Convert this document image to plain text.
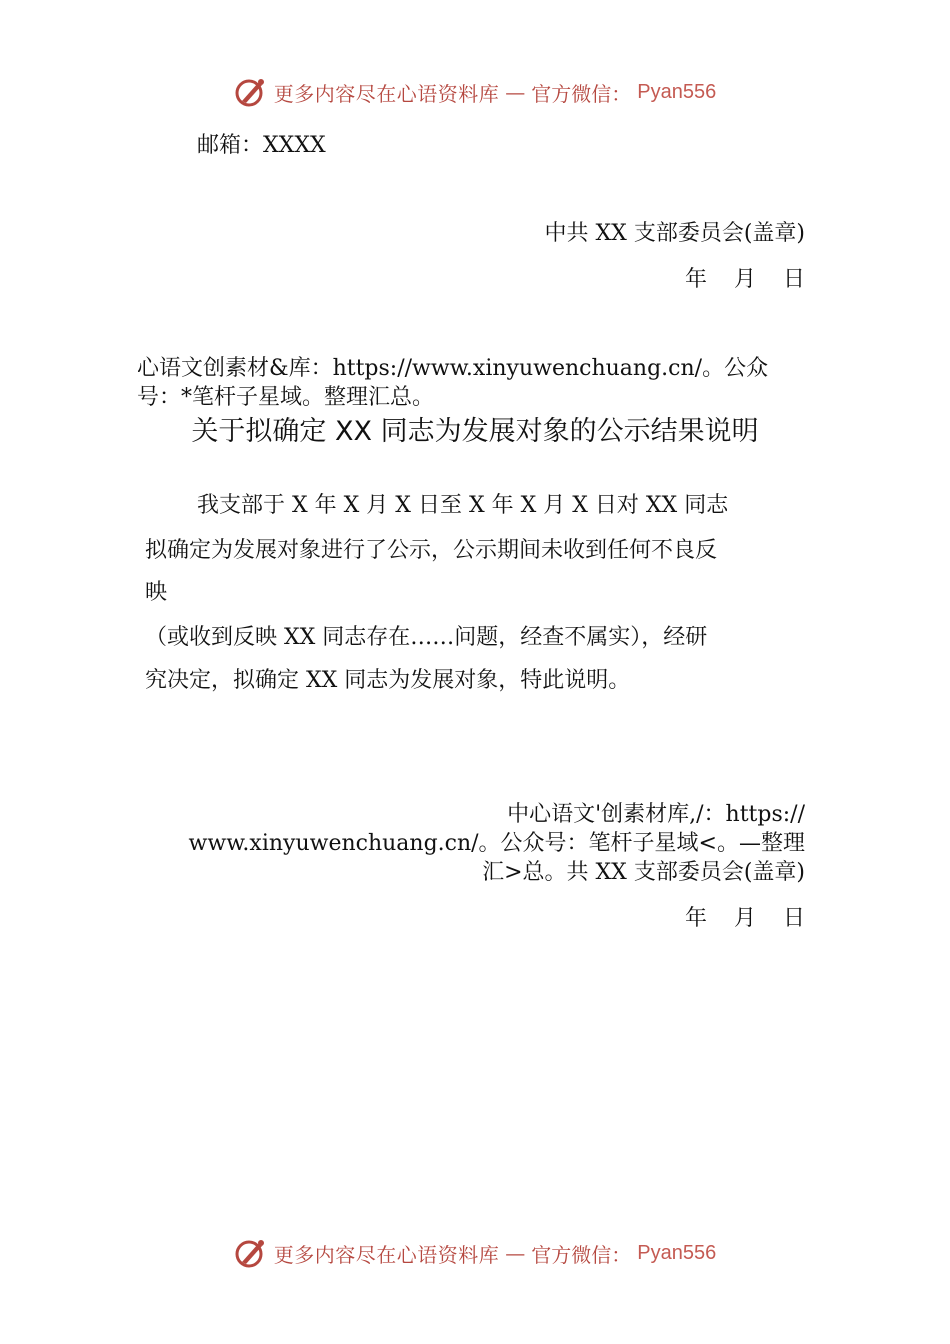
更多内容尽在心语资料库 — 官方微信： Pyan556
邮箱：XXXX
中共 XX 支部委员会(盖章)
年 月 日
心语文创素材&库：https://www.xinyuwenchuang.cn/。公众
号：*笔杆子星域。整理汇总。
关于拟确定 XX 同志为发展对象的公示结果说明
我支部于 X 年 X 月 X 日至 X 年 X 月 X 日对 XX 同志
拟确定为发展对象进行了公示，公示期间未收到任何不良反
映
（或收到反映 XX 同志存在……问题，经查不属实），经研
究决定，拟确定 XX 同志为发展对象，特此说明。
中心语文'创素材库,/：https://
www.xinyuwenchuang.cn/。公众号：笔杆子星域<。—整理
汇>总。共 XX 支部委员会(盖章)
年 月 日
更多内容尽在心语资料库 — 官方微信： Pyan556
